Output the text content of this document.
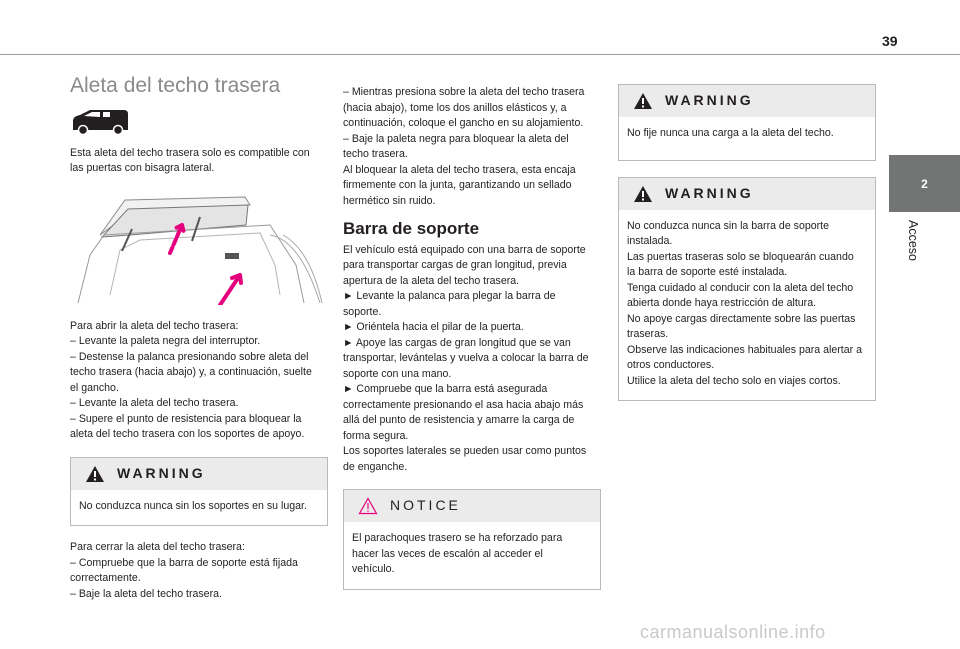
39
2
Acceso
Aleta del techo trasera

Esta aleta del techo trasera solo es compatible con

las puertas con bisagra lateral.

Para abrir la aleta del techo trasera:

– Levante la paleta negra del interruptor.

– Destense la palanca presionando sobre aleta del

techo trasera (hacia abajo) y, a continuación, suelte

el gancho.

– Levante la aleta del techo trasera.

– Supere el punto de resistencia para bloquear la

aleta del techo trasera con los soportes de apoyo.

WARNING

No conduzca nunca sin los soportes en su lugar.

Para cerrar la aleta del techo trasera:

– Compruebe que la barra de soporte está fijada

correctamente.

– Baje la aleta del techo trasera.

– Mientras presiona sobre la aleta del techo trasera

(hacia abajo), tome los dos anillos elásticos y, a

continuación, coloque el gancho en su alojamiento.

– Baje la paleta negra para bloquear la aleta del

techo trasera.

Al bloquear la aleta del techo trasera, esta encaja

firmemente con la junta, garantizando un sellado

hermético sin ruido.

Barra de soporte

El vehículo está equipado con una barra de soporte

para transportar cargas de gran longitud, previa

apertura de la aleta del techo trasera.

► Levante la palanca para plegar la barra de

soporte.

► Oriéntela hacia el pilar de la puerta.

► Apoye las cargas de gran longitud que se van

transportar, levántelas y vuelva a colocar la barra de

soporte con una mano.

► Compruebe que la barra está asegurada

correctamente presionando el asa hacia abajo más

allá del punto de resistencia y amarre la carga de

forma segura.

Los soportes laterales se pueden usar como puntos

de enganche.

NOTICE

El parachoques trasero se ha reforzado para

hacer las veces de escalón al acceder el

vehículo.

WARNING

No fije nunca una carga a la aleta del techo.

WARNING

No conduzca nunca sin la barra de soporte

instalada.

Las puertas traseras solo se bloquearán cuando

la barra de soporte esté instalada.

Tenga cuidado al conducir con la aleta del techo

abierta donde haya restricción de altura.

No apoye cargas directamente sobre las puertas

traseras.

Observe las indicaciones habituales para alertar a

otros conductores.

Utilice la aleta del techo solo en viajes cortos.

carmanualsonline.info
